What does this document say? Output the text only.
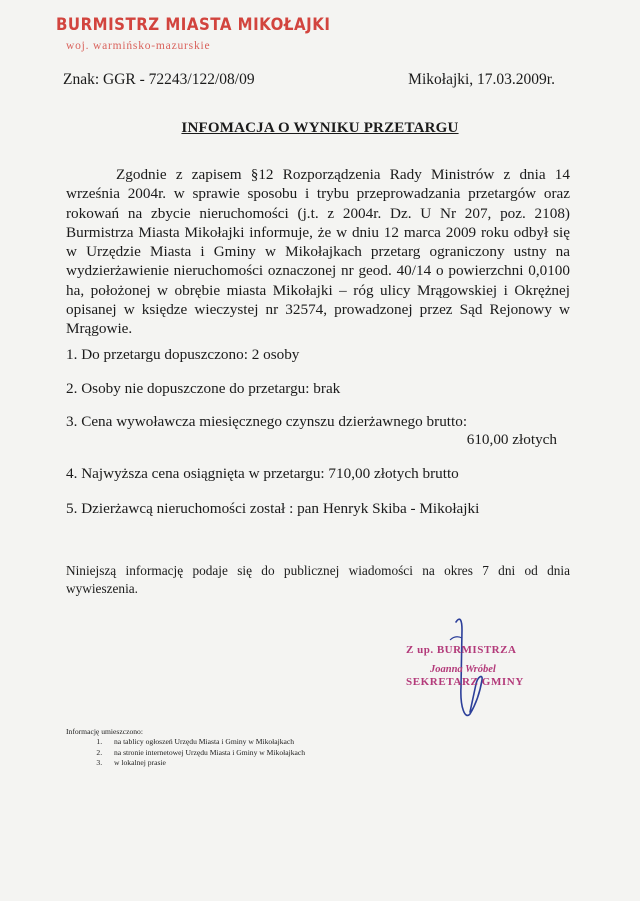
BURMISTRZ MIASTA MIKOŁAJKI
woj. warmińsko-mazurskie
Znak: GGR - 72243/122/08/09	Mikołajki, 17.03.2009r.
INFOMACJA O WYNIKU PRZETARGU
Zgodnie z zapisem §12 Rozporządzenia Rady Ministrów z dnia 14 września 2004r. w sprawie sposobu i trybu przeprowadzania przetargów oraz rokowań na zbycie nieruchomości (j.t. z 2004r. Dz. U Nr 207, poz. 2108) Burmistrza Miasta Mikołajki informuje, że w dniu 12 marca 2009 roku odbył się w Urzędzie Miasta i Gminy w Mikołajkach przetarg ograniczony ustny na wydzierżawienie nieruchomości oznaczonej nr geod. 40/14 o powierzchni 0,0100 ha, położonej w obrębie miasta Mikołajki – róg ulicy Mrągowskiej i Okrężnej opisanej w księdze wieczystej nr 32574, prowadzonej przez Sąd Rejonowy w Mrągowie.
1. Do przetargu dopuszczono: 2 osoby
2. Osoby nie dopuszczone do przetargu: brak
3. Cena wywoławcza miesięcznego czynszu dzierżawnego brutto:
610,00 złotych
4. Najwyższa cena osiągnięta w przetargu: 710,00 złotych brutto
5. Dzierżawcą nieruchomości został : pan Henryk Skiba - Mikołajki
Niniejszą informację podaje się do publicznej wiadomości na okres 7 dni od dnia wywieszenia.
Z up. BURMISTRZA
Joanna Wróbel
SEKRETARZ GMINY
Informację umieszczono:
1. na tablicy ogłoszeń Urzędu Miasta i Gminy w Mikołajkach
2. na stronie internetowej Urzędu Miasta i Gminy w Mikołajkach
3. w lokalnej prasie
